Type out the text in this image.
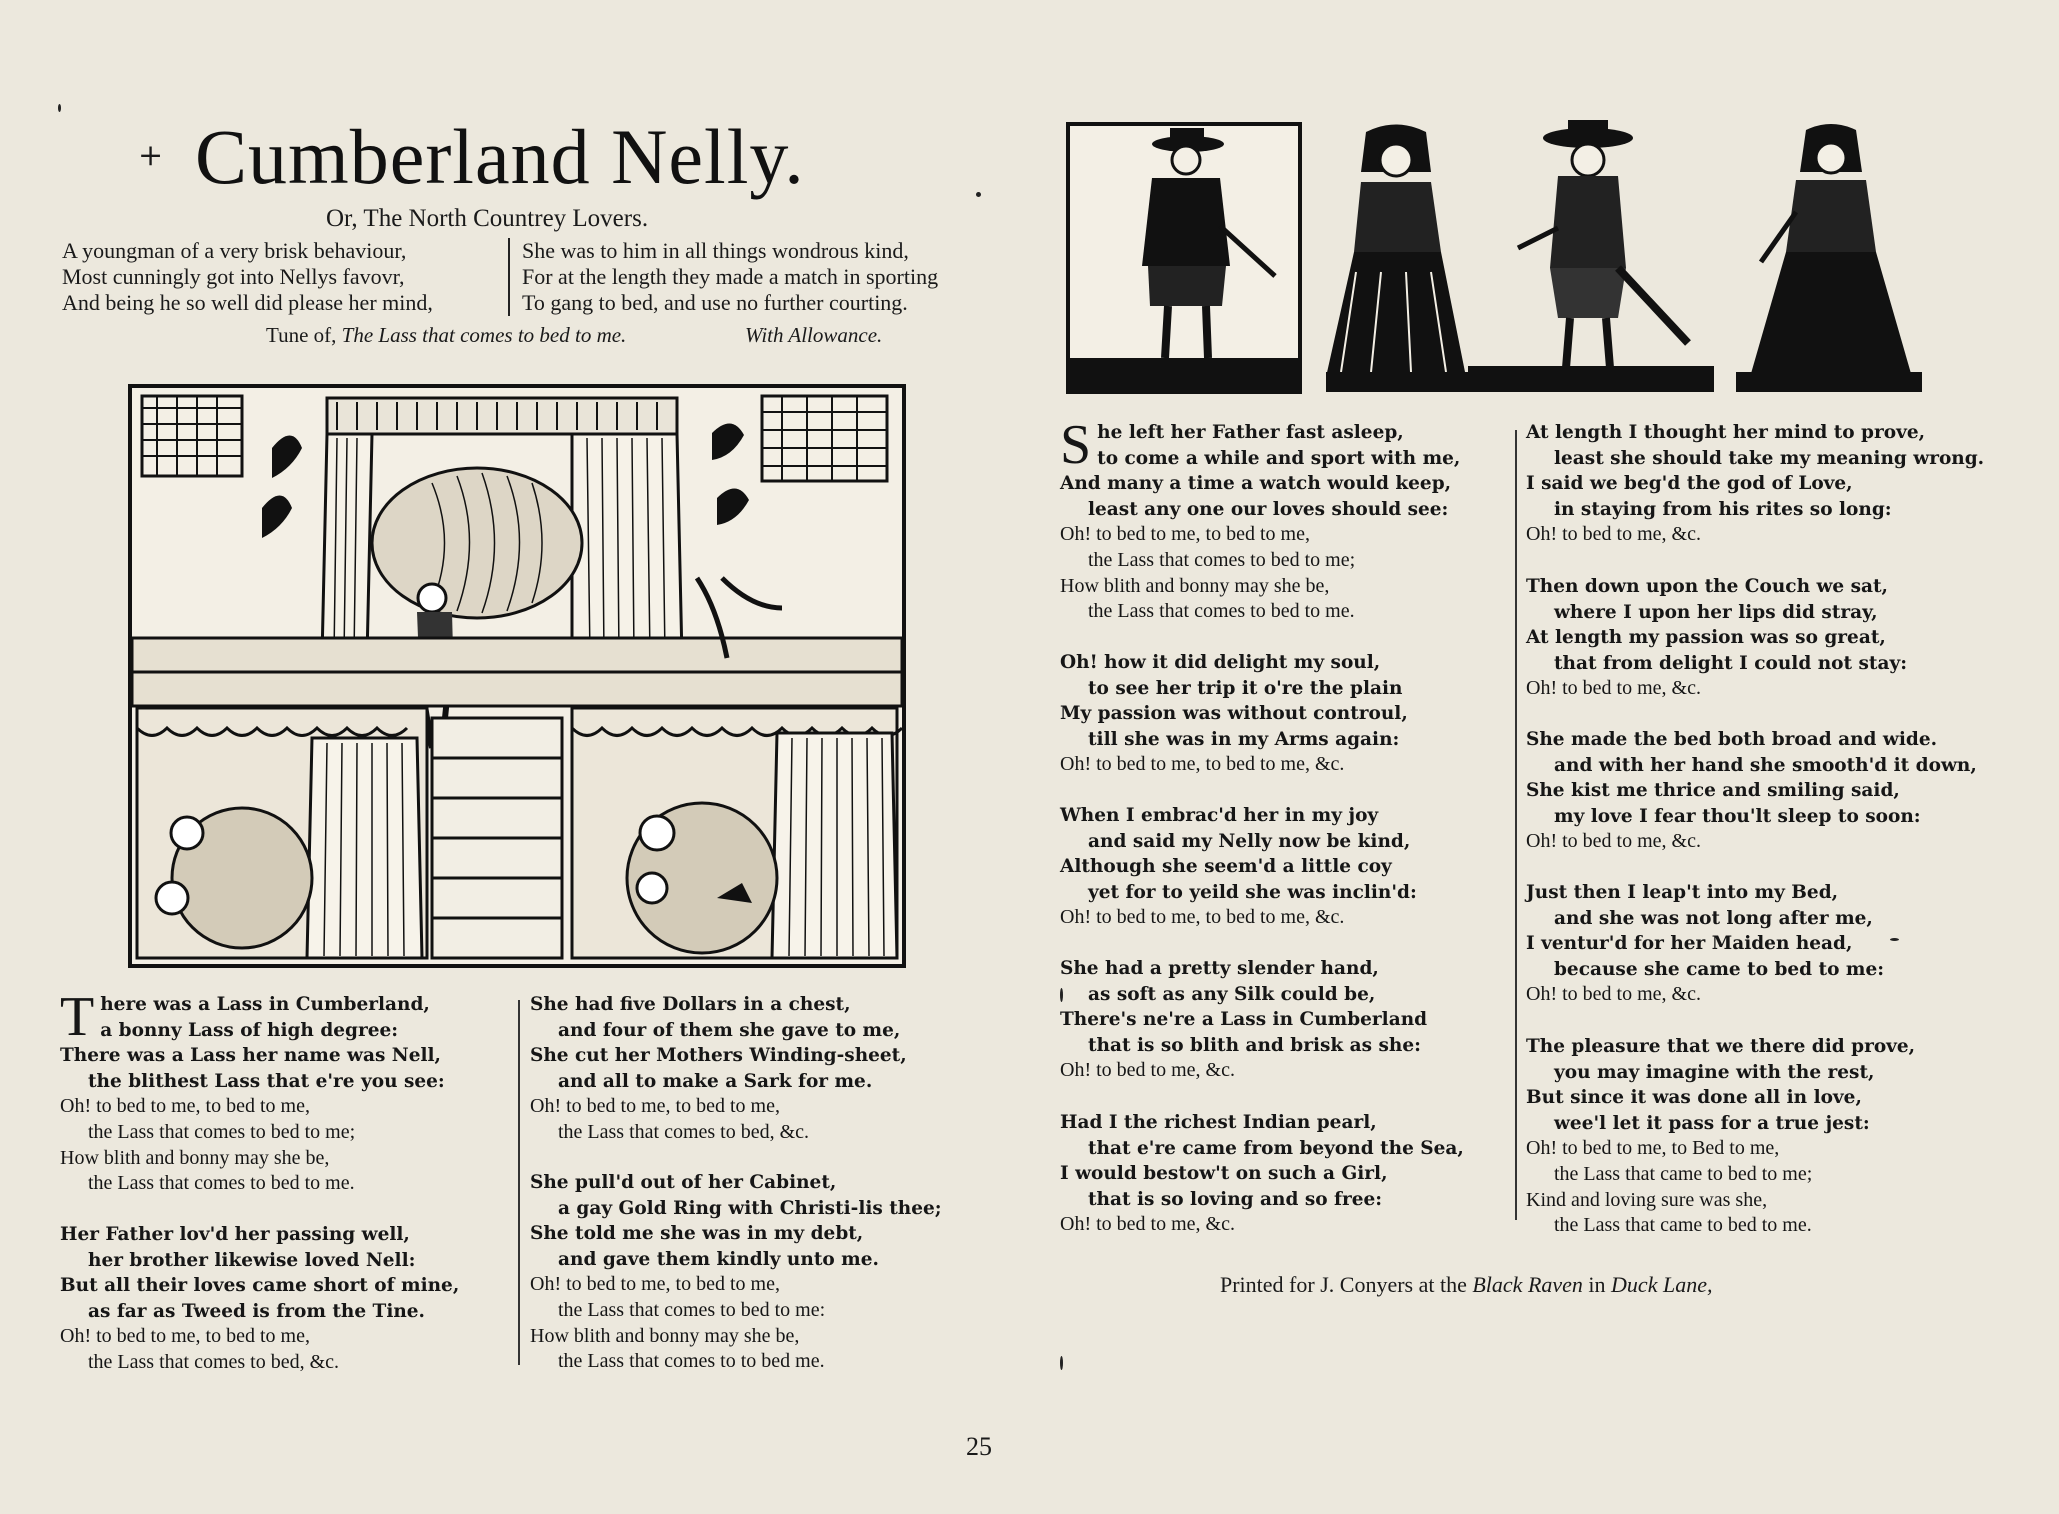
+ Cumberland Nelly.
Or, The North Countrey Lovers.
A youngman of a very brisk behaviour,
Most cunningly got into Nellys favovr,
And being he so well did please her mind,
She was to him in all things wondrous kind,
For at the length they made a match in sporting
To gang to bed, and use no further courting.
Tune of, The Lass that comes to bed to me.	With Allowance.
T here was a Lass in Cumberland,
a bonny Lass of high degree:
There was a Lass her name was Nell,
the blithest Lass that e're you see:
Oh! to bed to me, to bed to me,
the Lass that comes to bed to me;
How blith and bonny may she be,
the Lass that comes to bed to me.
Her Father lov'd her passing well,
her brother likewise loved Nell:
But all their loves came short of mine,
as far as Tweed is from the Tine.
Oh! to bed to me, to bed to me,
the Lass that comes to bed, &c.
She had five Dollars in a chest,
and four of them she gave to me,
She cut her Mothers Winding-sheet,
and all to make a Sark for me.
Oh! to bed to me, to bed to me,
the Lass that comes to bed, &c.
She pull'd out of her Cabinet,
a gay Gold Ring with Christi-lis thee;
She told me she was in my debt,
and gave them kindly unto me.
Oh! to bed to me, to bed to me,
the Lass that comes to bed to me:
How blith and bonny may she be,
the Lass that comes to to bed me.
S he left her Father fast asleep,
to come a while and sport with me,
And many a time a watch would keep,
least any one our loves should see:
Oh! to bed to me, to bed to me,
the Lass that comes to bed to me;
How blith and bonny may she be,
the Lass that comes to bed to me.
Oh! how it did delight my soul,
to see her trip it o're the plain
My passion was without controul,
till she was in my Arms again:
Oh! to bed to me, to bed to me, &c.
When I embrac'd her in my joy
and said my Nelly now be kind,
Although she seem'd a little coy
yet for to yeild she was inclin'd:
Oh! to bed to me, to bed to me, &c.
She had a pretty slender hand,
as soft as any Silk could be,
There's ne're a Lass in Cumberland
that is so blith and brisk as she:
Oh! to bed to me, &c.
Had I the richest Indian pearl,
that e're came from beyond the Sea,
I would bestow't on such a Girl,
that is so loving and so free:
Oh! to bed to me, &c.
At length I thought her mind to prove,
least she should take my meaning wrong.
I said we beg'd the god of Love,
in staying from his rites so long:
Oh! to bed to me, &c.
Then down upon the Couch we sat,
where I upon her lips did stray,
At length my passion was so great,
that from delight I could not stay:
Oh! to bed to me, &c.
She made the bed both broad and wide.
and with her hand she smooth'd it down,
She kist me thrice and smiling said,
my love I fear thou'lt sleep to soon:
Oh! to bed to me, &c.
Just then I leap't into my Bed,
and she was not long after me,
I ventur'd for her Maiden head,
because she came to bed to me:
Oh! to bed to me, &c.
The pleasure that we there did prove,
you may imagine with the rest,
But since it was done all in love,
wee'l let it pass for a true jest:
Oh! to bed to me, to Bed to me,
the Lass that came to bed to me;
Kind and loving sure was she,
the Lass that came to bed to me.
Printed for J. Conyers at the Black Raven in Duck Lane,
25
